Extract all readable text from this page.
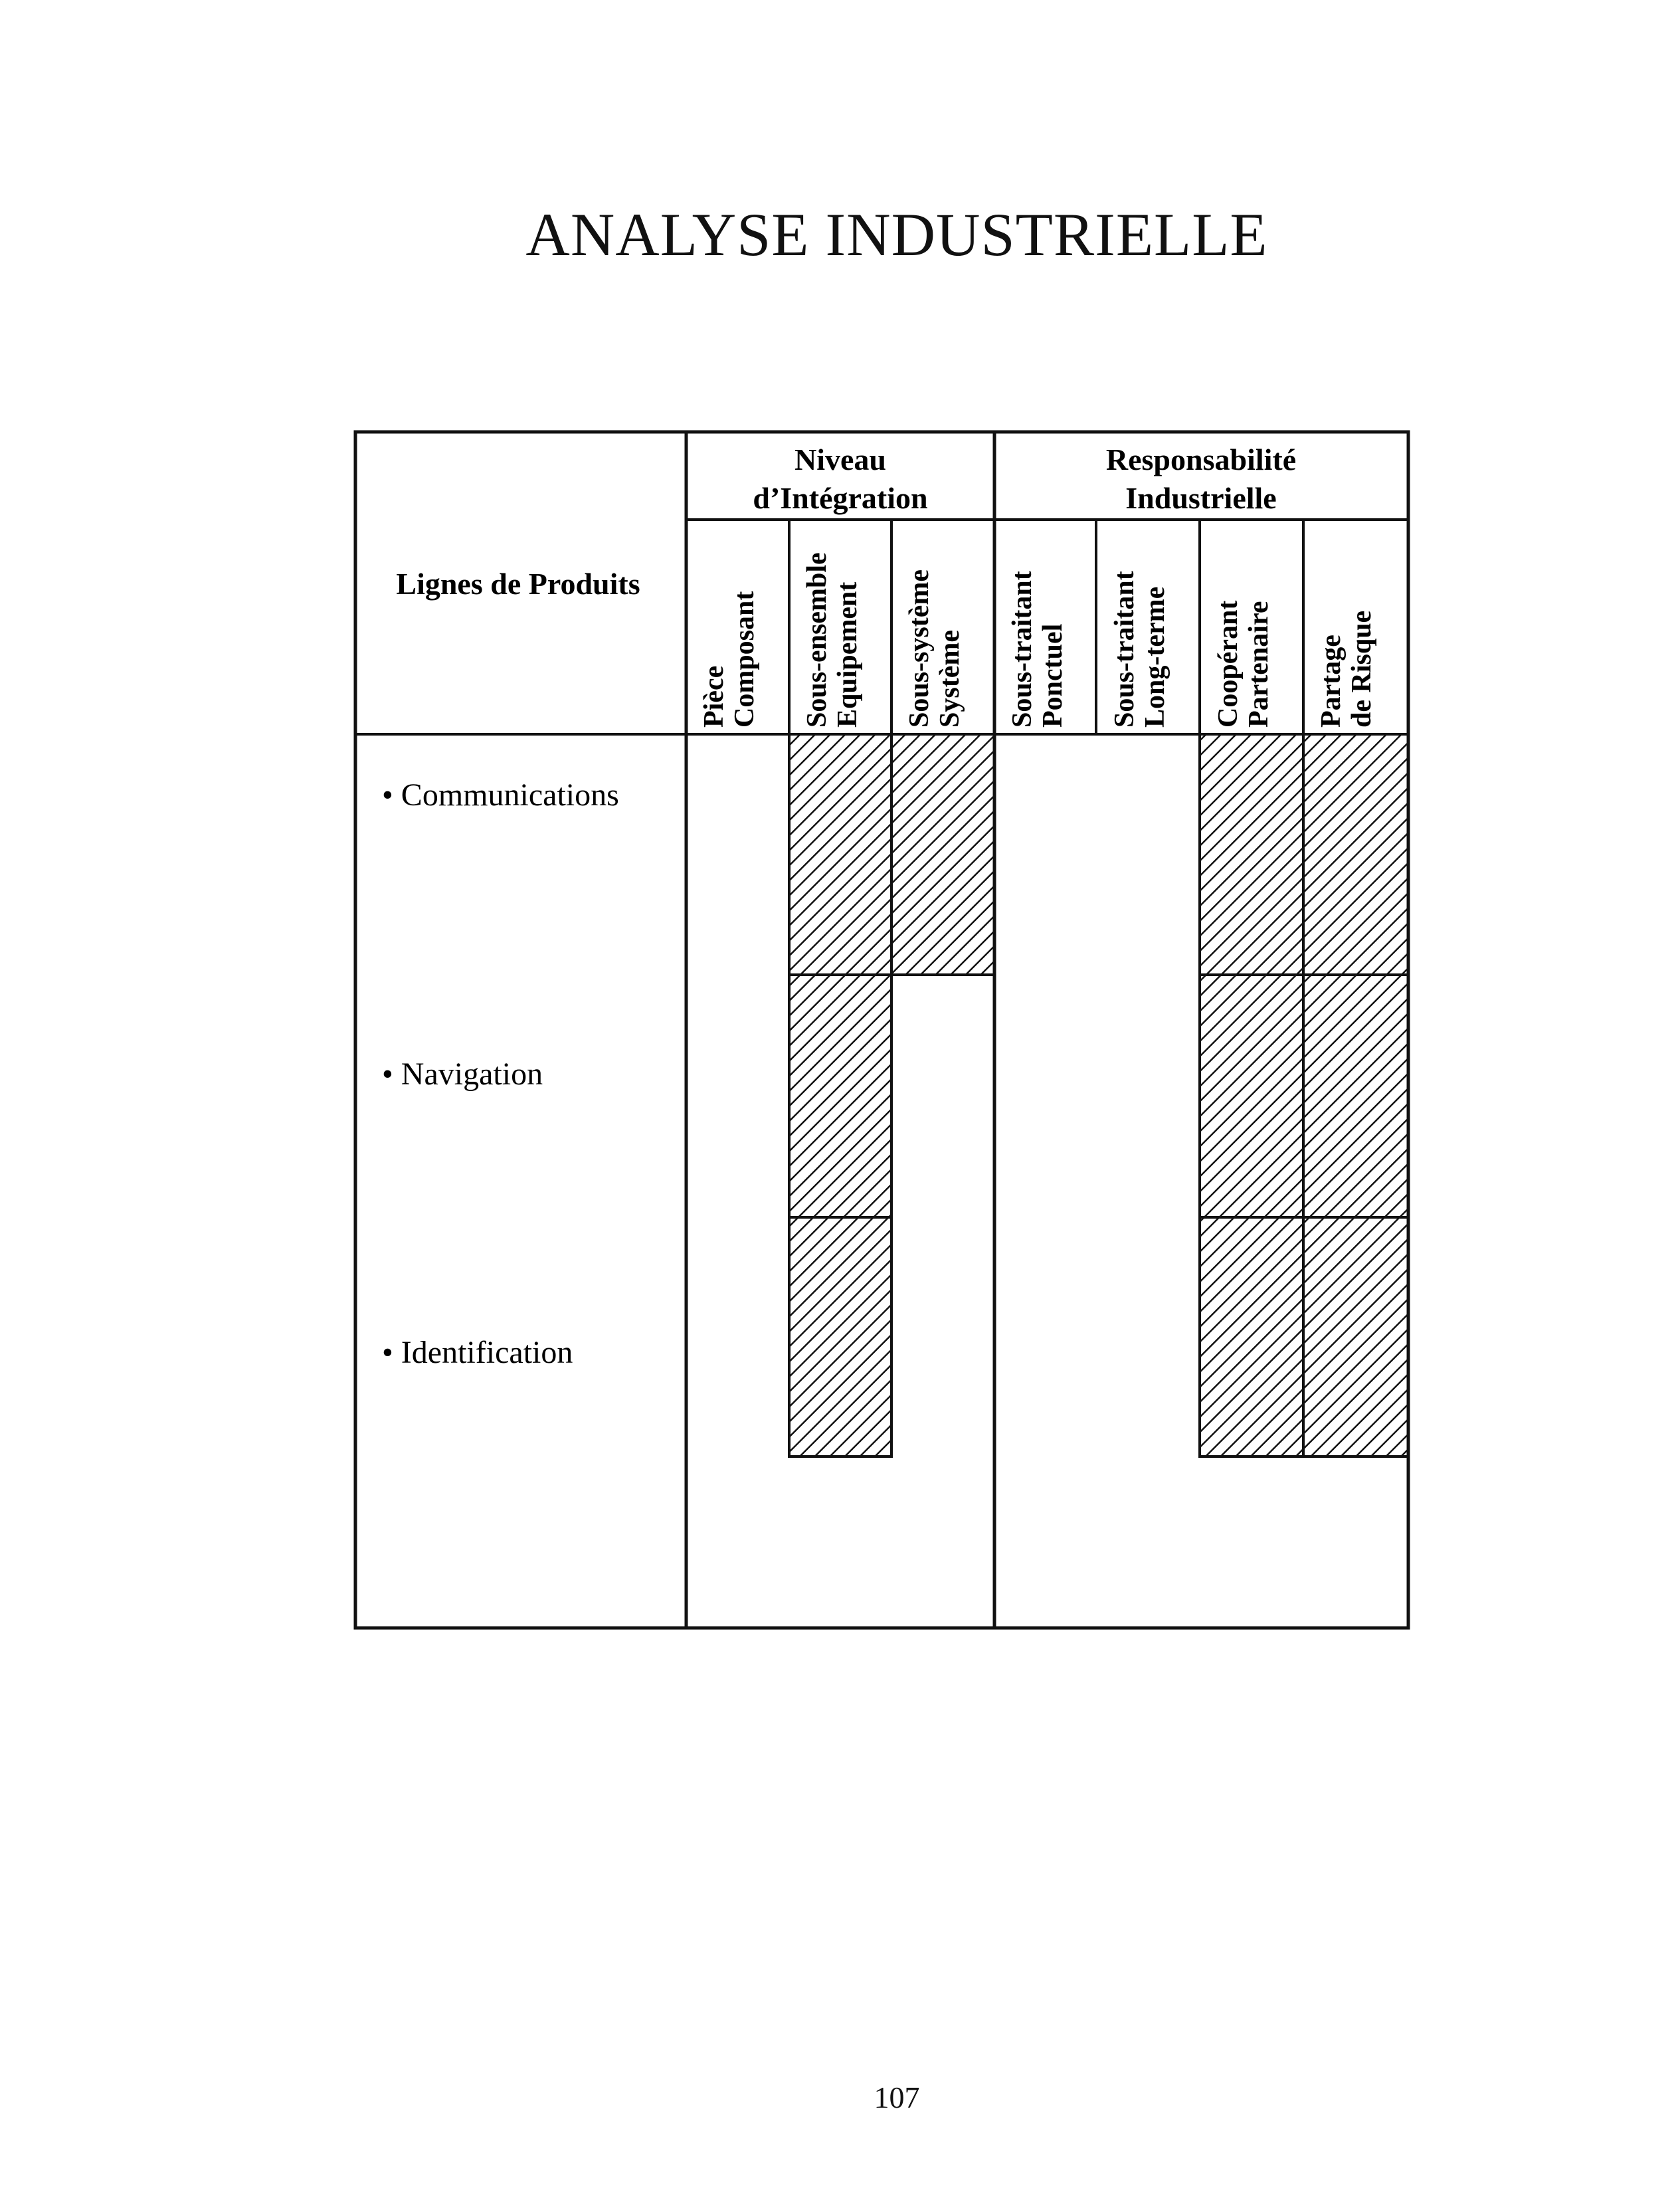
ANALYSE INDUSTRIELLE
Lignes de Produits
Niveau
d’Intégration
Responsabilité
Industrielle
Pièce Composant Sous-ensemble Equipement Sous-système Système Sous-traitant Ponctuel Sous-traitant Long-terme Coopérant Partenaire Partage de Risque
• Communications
• Navigation
• Identification
107
